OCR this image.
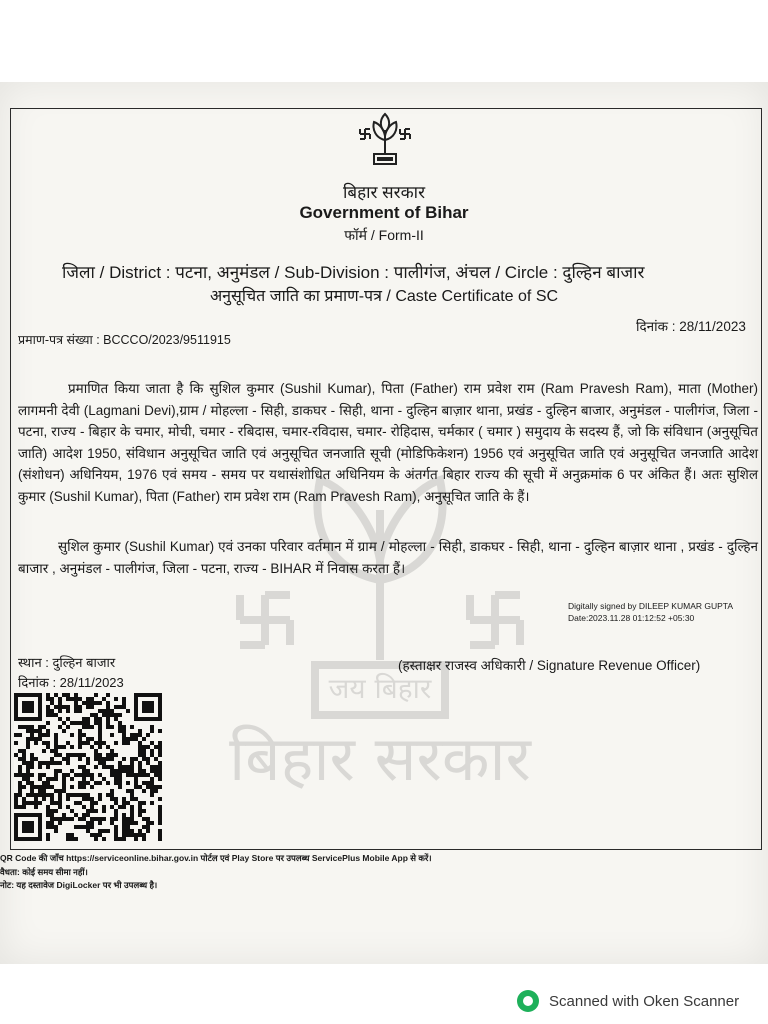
जय बिहार
बिहार सरकार
बिहार सरकार
Government of Bihar
फॉर्म / Form-II
जिला / District : पटना, अनुमंडल / Sub-Division : पालीगंज, अंचल / Circle : दुल्हिन बाजार
अनुसूचित जाति का प्रमाण-पत्र / Caste Certificate of SC
दिनांक : 28/11/2023
प्रमाण-पत्र संख्या : BCCCO/2023/9511915
प्रमाणित किया जाता है कि सुशिल कुमार (Sushil Kumar), पिता (Father) राम प्रवेश राम (Ram Pravesh Ram), माता (Mother) लागमनी देवी (Lagmani Devi),ग्राम / मोहल्ला - सिही, डाकघर - सिही, थाना - दुल्हिन बाज़ार थाना, प्रखंड - दुल्हिन बाजार, अनुमंडल - पालीगंज, जिला - पटना, राज्य - बिहार के चमार, मोची, चमार - रबिदास, चमार-रविदास, चमार- रोहिदास, चर्मकार ( चमार ) समुदाय के सदस्य हैं, जो कि संविधान (अनुसूचित जाति) आदेश 1950, संविधान अनुसूचित जाति एवं अनुसूचित जनजाति सूची (मोडिफिकेशन) 1956 एवं अनुसूचित जाति एवं अनुसूचित जनजाति आदेश (संशोधन) अधिनियम, 1976 एवं समय - समय पर यथासंशोधित अधिनियम के अंतर्गत बिहार राज्य की सूची में अनुक्रमांक 6 पर अंकित हैं। अतः सुशिल कुमार (Sushil Kumar), पिता (Father) राम प्रवेश राम (Ram Pravesh Ram), अनुसूचित जाति के हैं।
सुशिल कुमार (Sushil Kumar) एवं उनका परिवार वर्तमान में ग्राम / मोहल्ला - सिही, डाकघर - सिही, थाना - दुल्हिन बाज़ार थाना , प्रखंड - दुल्हिन बाजार , अनुमंडल - पालीगंज, जिला - पटना, राज्य - BIHAR में निवास करता हैं।
Digitally signed by DILEEP KUMAR GUPTA
Date:2023.11.28 01:12:52 +05:30
स्थान : दुल्हिन बाजार
दिनांक : 28/11/2023
(हस्ताक्षर राजस्व अधिकारी / Signature Revenue Officer)
QR Code की जाँच https://serviceonline.bihar.gov.in पोर्टल एवं Play Store पर उपलब्ध ServicePlus Mobile App से करें।
वैधता: कोई समय सीमा नहीं।
नोट: यह दस्तावेज DigiLocker पर भी उपलब्ध है।
Scanned with Oken Scanner
